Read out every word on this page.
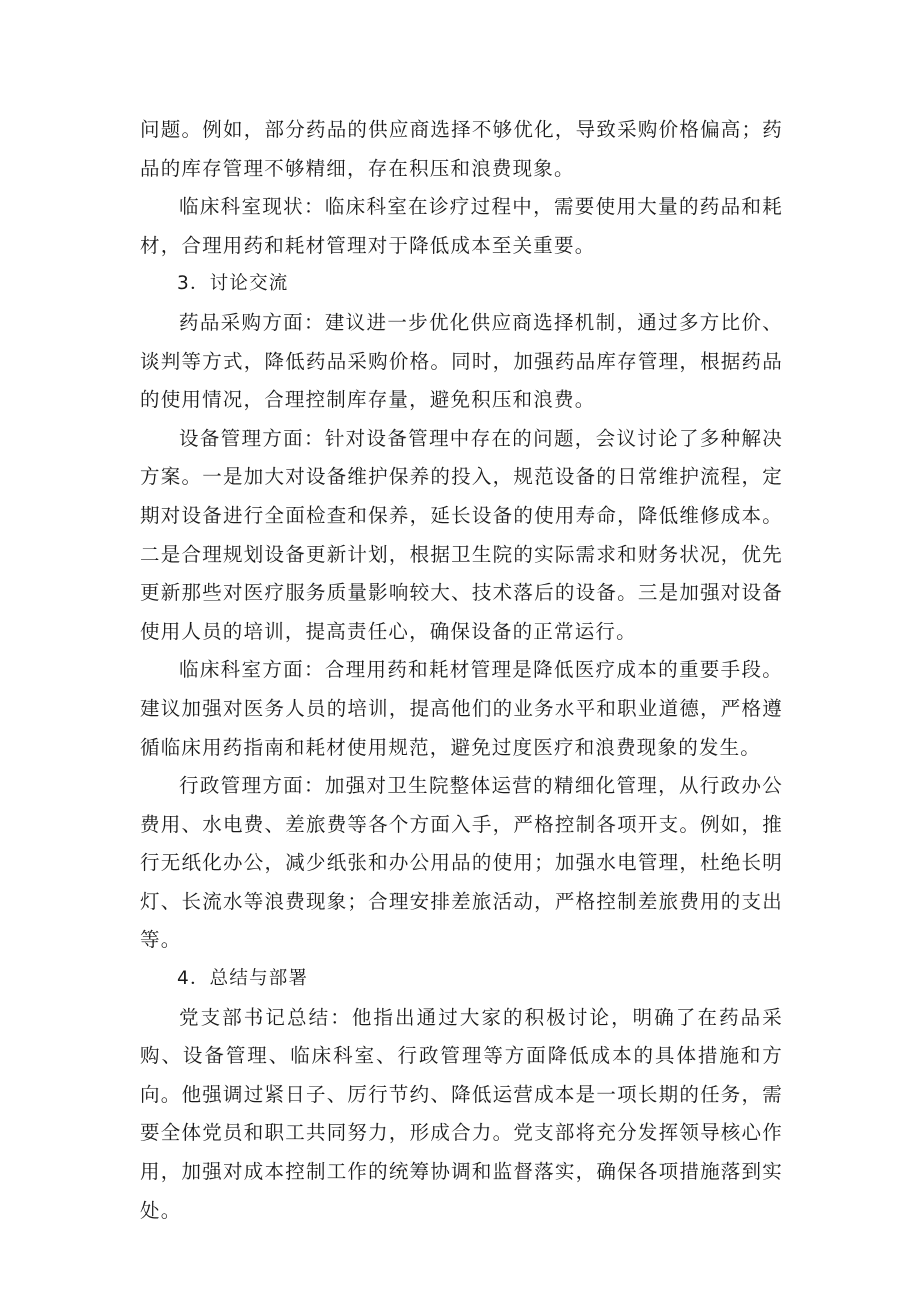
问题。例如，部分药品的供应商选择不够优化，导致采购价格偏高；药品的库存管理不够精细，存在积压和浪费现象。

临床科室现状：临床科室在诊疗过程中，需要使用大量的药品和耗材，合理用药和耗材管理对于降低成本至关重要。

3．讨论交流

药品采购方面：建议进一步优化供应商选择机制，通过多方比价、谈判等方式，降低药品采购价格。同时，加强药品库存管理，根据药品的使用情况，合理控制库存量，避免积压和浪费。

设备管理方面：针对设备管理中存在的问题，会议讨论了多种解决方案。一是加大对设备维护保养的投入，规范设备的日常维护流程，定期对设备进行全面检查和保养，延长设备的使用寿命，降低维修成本。二是合理规划设备更新计划，根据卫生院的实际需求和财务状况，优先更新那些对医疗服务质量影响较大、技术落后的设备。三是加强对设备使用人员的培训，提高责任心，确保设备的正常运行。

临床科室方面：合理用药和耗材管理是降低医疗成本的重要手段。建议加强对医务人员的培训，提高他们的业务水平和职业道德，严格遵循临床用药指南和耗材使用规范，避免过度医疗和浪费现象的发生。

行政管理方面：加强对卫生院整体运营的精细化管理，从行政办公费用、水电费、差旅费等各个方面入手，严格控制各项开支。例如，推行无纸化办公，减少纸张和办公用品的使用；加强水电管理，杜绝长明灯、长流水等浪费现象；合理安排差旅活动，严格控制差旅费用的支出等。

4．总结与部署

党支部书记总结：他指出通过大家的积极讨论，明确了在药品采购、设备管理、临床科室、行政管理等方面降低成本的具体措施和方向。他强调过紧日子、厉行节约、降低运营成本是一项长期的任务，需要全体党员和职工共同努力，形成合力。党支部将充分发挥领导核心作用，加强对成本控制工作的统筹协调和监督落实，确保各项措施落到实处。
